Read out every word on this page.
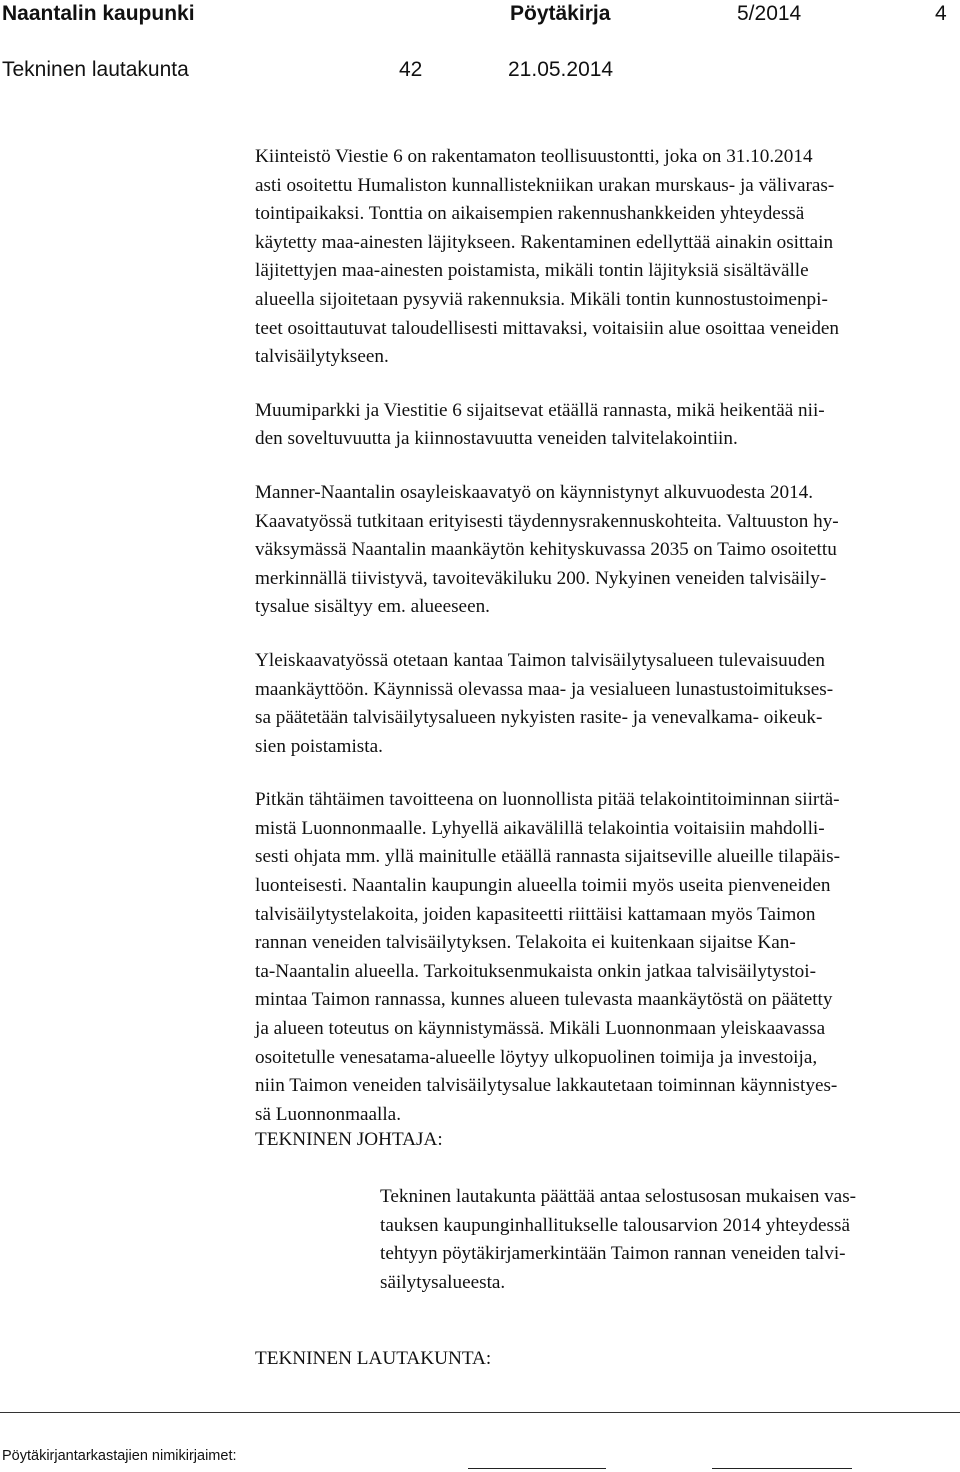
Naantalin kaupunki	Pöytäkirja	5/2014	4
Tekninen lautakunta	42	21.05.2014

Kiinteistö Viestie 6 on rakentamaton teollisuustontti, joka on 31.10.2014
asti osoitettu Humaliston kunnallistekniikan urakan murskaus- ja välivaras-
tointipaikaksi. Tonttia on aikaisempien rakennushankkeiden yhteydessä
käytetty maa-ainesten läjitykseen. Rakentaminen edellyttää ainakin osittain
läjitettyjen maa-ainesten poistamista, mikäli tontin läjityksiä sisältävälle
alueella sijoitetaan pysyviä rakennuksia. Mikäli tontin kunnostustoimenpi-
teet osoittautuvat taloudellisesti mittavaksi, voitaisiin alue osoittaa veneiden
talvisäilytykseen.

Muumiparkki ja Viestitie 6 sijaitsevat etäällä rannasta, mikä heikentää nii-
den soveltuvuutta ja kiinnostavuutta veneiden talvitelakointiin.

Manner-Naantalin osayleiskaavatyö on käynnistynyt alkuvuodesta 2014.
Kaavatyössä tutkitaan erityisesti täydennysrakennuskohteita. Valtuuston hy-
väksymässä Naantalin maankäytön kehityskuvassa 2035 on Taimo osoitettu
merkinnällä tiivistyvä, tavoiteväkiluku 200. Nykyinen veneiden talvisäily-
tysalue sisältyy em. alueeseen.

Yleiskaavatyössä otetaan kantaa Taimon talvisäilytysalueen tulevaisuuden
maankäyttöön. Käynnissä olevassa maa- ja vesialueen lunastustoimitukses-
sa päätetään talvisäilytysalueen nykyisten rasite- ja venevalkama- oikeuk-
sien poistamista.

Pitkän tähtäimen tavoitteena on luonnollista pitää telakointitoiminnan siirtä-
mistä Luonnonmaalle. Lyhyellä aikavälillä telakointia voitaisiin mahdolli-
sesti ohjata mm. yllä mainitulle etäällä rannasta sijaitseville alueille tilapäis-
luonteisesti. Naantalin kaupungin alueella toimii myös useita pienveneiden
talvisäilytystelakoita, joiden kapasiteetti riittäisi kattamaan myös Taimon
rannan veneiden talvisäilytyksen. Telakoita ei kuitenkaan sijaitse Kan-
ta-Naantalin alueella. Tarkoituksenmukaista onkin jatkaa talvisäilytystoi-
mintaa Taimon rannassa, kunnes alueen tulevasta maankäytöstä on päätetty
ja alueen toteutus on käynnistymässä. Mikäli Luonnonmaan yleiskaavassa
osoitetulle venesatama-alueelle löytyy ulkopuolinen toimija ja investoija,
niin Taimon veneiden talvisäilytysalue lakkautetaan toiminnan käynnistyes-
sä Luonnonmaalla.

TEKNINEN JOHTAJA:
Tekninen lautakunta päättää antaa selostusosan mukaisen vas-
tauksen kaupunginhallitukselle talousarvion 2014 yhteydessä
tehtyyn pöytäkirjamerkintään Taimon rannan veneiden talvi-
säilytysalueesta.
TEKNINEN LAUTAKUNTA:
Pöytäkirjantarkastajien nimikirjaimet:
